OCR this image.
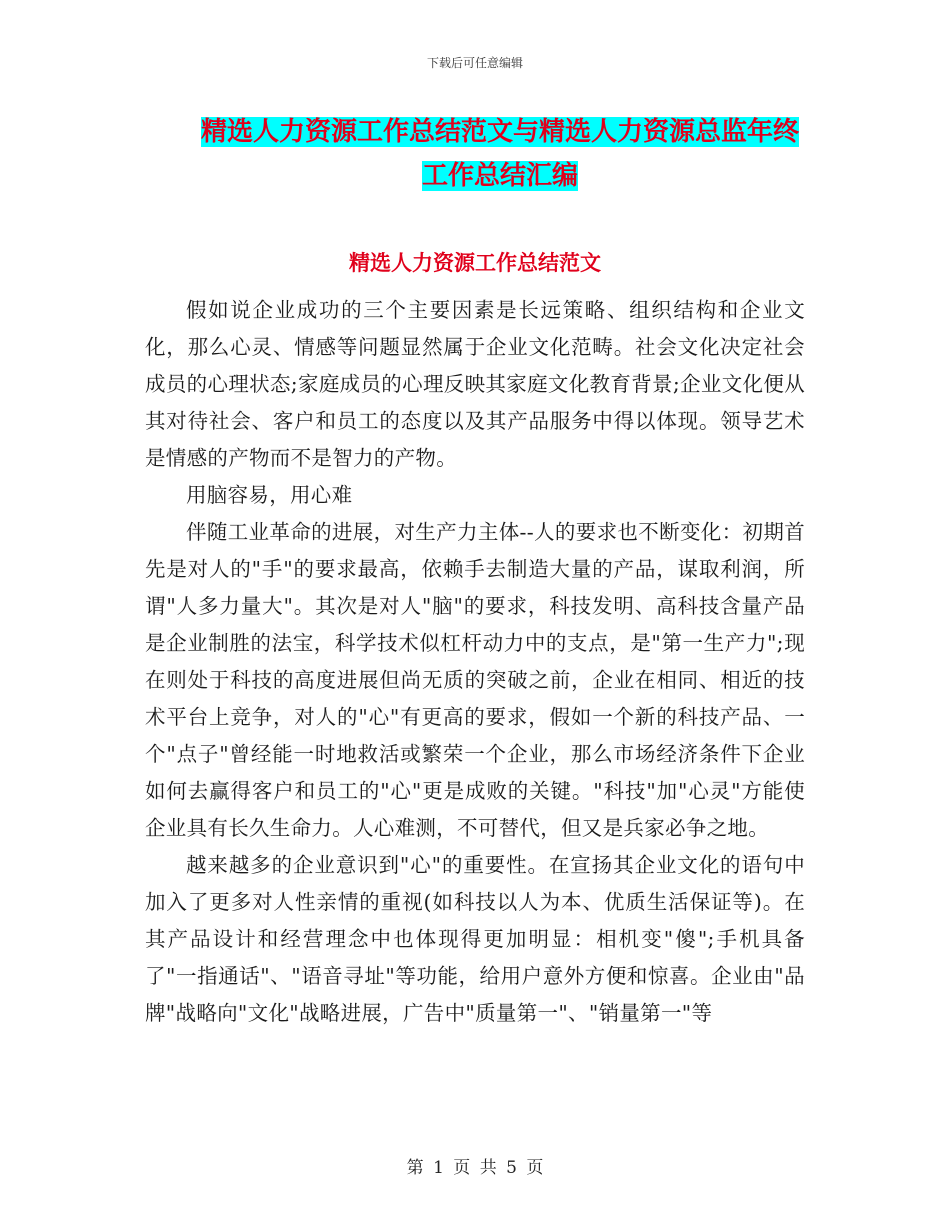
下载后可任意编辑
精选人力资源工作总结范文与精选人力资源总监年终
工作总结汇编
精选人力资源工作总结范文

假如说企业成功的三个主要因素是长远策略、组织结构和企业文化，那么心灵、情感等问题显然属于企业文化范畴。社会文化决定社会成员的心理状态;家庭成员的心理反映其家庭文化教育背景;企业文化便从其对待社会、客户和员工的态度以及其产品服务中得以体现。领导艺术是情感的产物而不是智力的产物。

用脑容易，用心难

伴随工业革命的进展，对生产力主体--人的要求也不断变化：初期首先是对人的"手"的要求最高，依赖手去制造大量的产品，谋取利润，所谓"人多力量大"。其次是对人"脑"的要求，科技发明、高科技含量产品是企业制胜的法宝，科学技术似杠杆动力中的支点，是"第一生产力";现在则处于科技的高度进展但尚无质的突破之前，企业在相同、相近的技术平台上竞争，对人的"心"有更高的要求，假如一个新的科技产品、一个"点子"曾经能一时地救活或繁荣一个企业，那么市场经济条件下企业如何去赢得客户和员工的"心"更是成败的关键。"科技"加"心灵"方能使企业具有长久生命力。人心难测，不可替代，但又是兵家必争之地。

越来越多的企业意识到"心"的重要性。在宣扬其企业文化的语句中加入了更多对人性亲情的重视(如科技以人为本、优质生活保证等)。在其产品设计和经营理念中也体现得更加明显：相机变"傻";手机具备了"一指通话"、"语音寻址"等功能，给用户意外方便和惊喜。企业由"品牌"战略向"文化"战略进展，广告中"质量第一"、"销量第一"等

第 1 页 共 5 页
